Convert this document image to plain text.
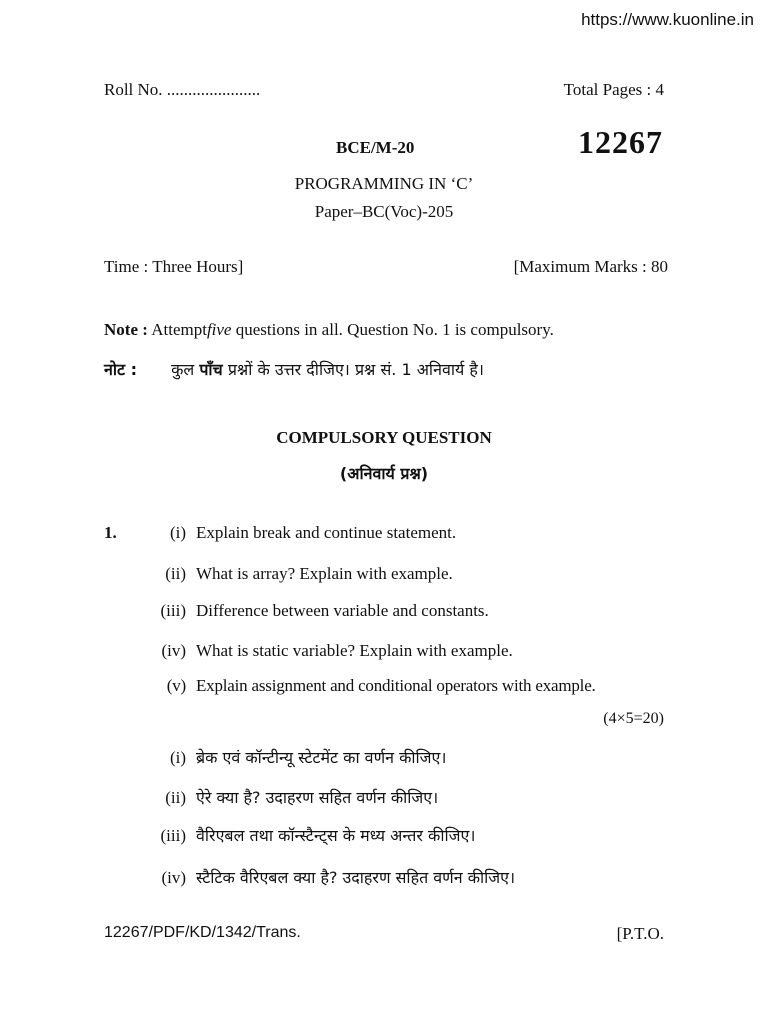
https://www.kuonline.in
Roll No. ......................	Total Pages : 4
BCE/M-20	12267
PROGRAMMING IN ‘C’
Paper–BC(Voc)-205
Time : Three Hours]	[Maximum Marks : 80
Note : Attemptfive questions in all. Question No. 1 is compulsory.
नोट : कुल पाँच प्रश्नों के उत्तर दीजिए। प्रश्न सं. 1 अनिवार्य है।
COMPULSORY QUESTION
(अनिवार्य प्रश्न)
1.	(i) Explain break and continue statement.
(ii) What is array? Explain with example.
(iii) Difference between variable and constants.
(iv) What is static variable? Explain with example.
(v) Explain assignment and conditional operators with example.
(4×5=20)
(i) ब्रेक एवं कॉन्टीन्यू स्टेटमेंट का वर्णन कीजिए।
(ii) ऐरे क्या है? उदाहरण सहित वर्णन कीजिए।
(iii) वैरिएबल तथा कॉन्स्टैन्ट्स के मध्य अन्तर कीजिए।
(iv) स्टैटिक वैरिएबल क्या है? उदाहरण सहित वर्णन कीजिए।
12267/PDF/KD/1342/Trans.	[P.T.O.
